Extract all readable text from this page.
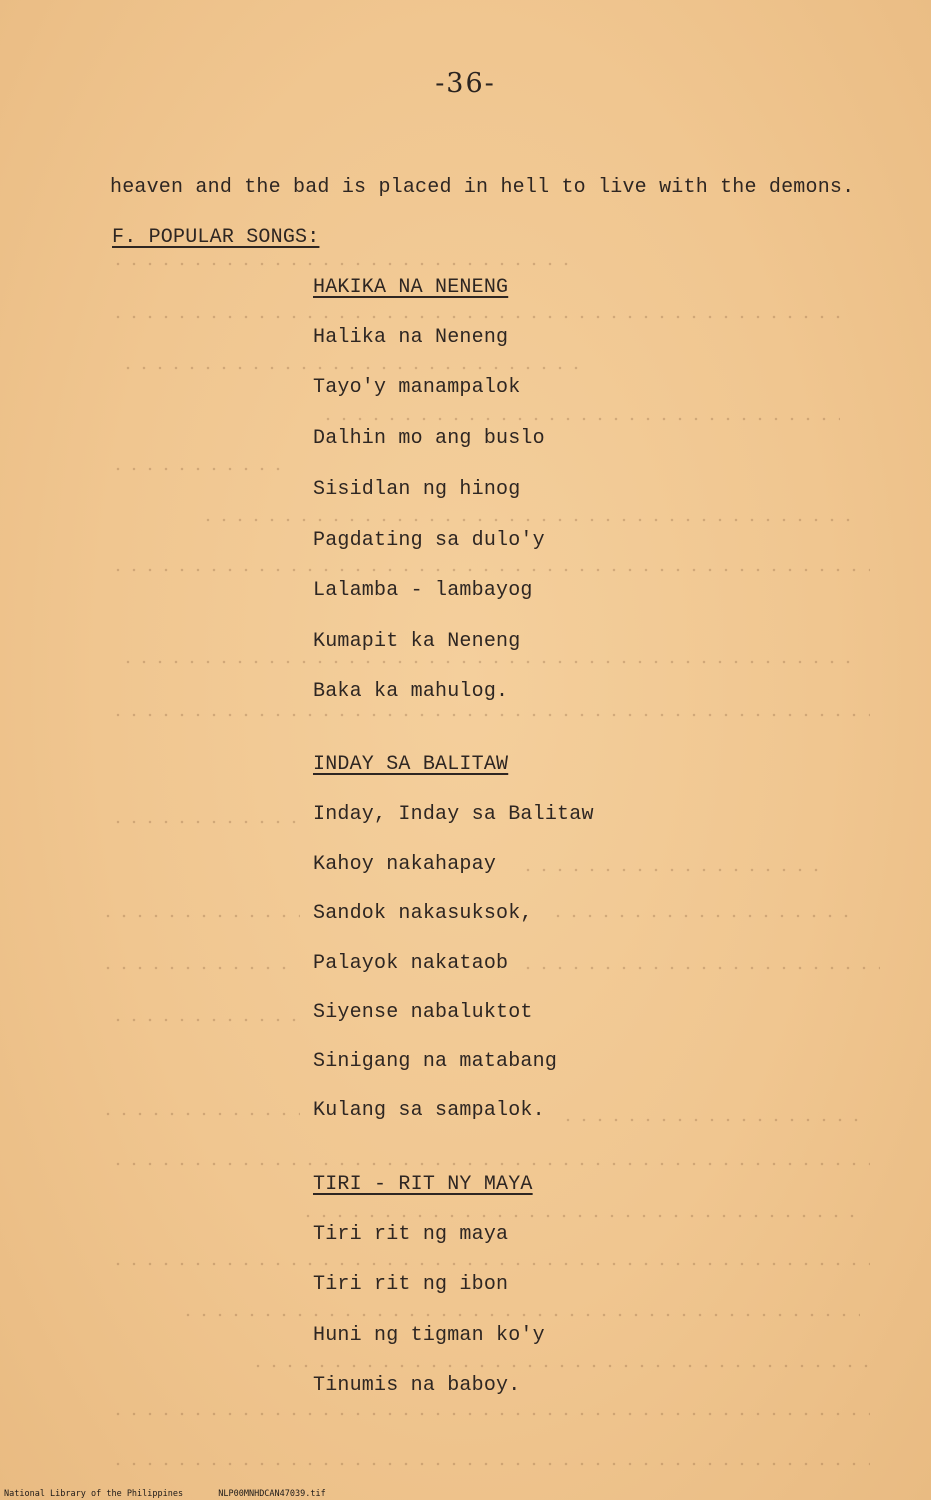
-36-
heaven and the bad is placed in hell to live with the demons.
F. POPULAR SONGS:
HAKIKA NA NENENG
Halika na Neneng
Tayo'y manampalok
Dalhin mo ang buslo
Sisidlan ng hinog
Pagdating sa dulo'y
Lalamba - lambayog
Kumapit ka Neneng
Baka ka mahulog.
INDAY SA BALITAW
Inday, Inday sa Balitaw
Kahoy nakahapay
Sandok nakasuksok,
Palayok nakataob
Siyense nabaluktot
Sinigang na matabang
Kulang sa sampalok.
TIRI - RIT NY MAYA
Tiri rit ng maya
Tiri rit ng ibon
Huni ng tigman ko'y
Tinumis na baboy.
National Library of the Philippines	NLP00MNHDCAN47039.tif
